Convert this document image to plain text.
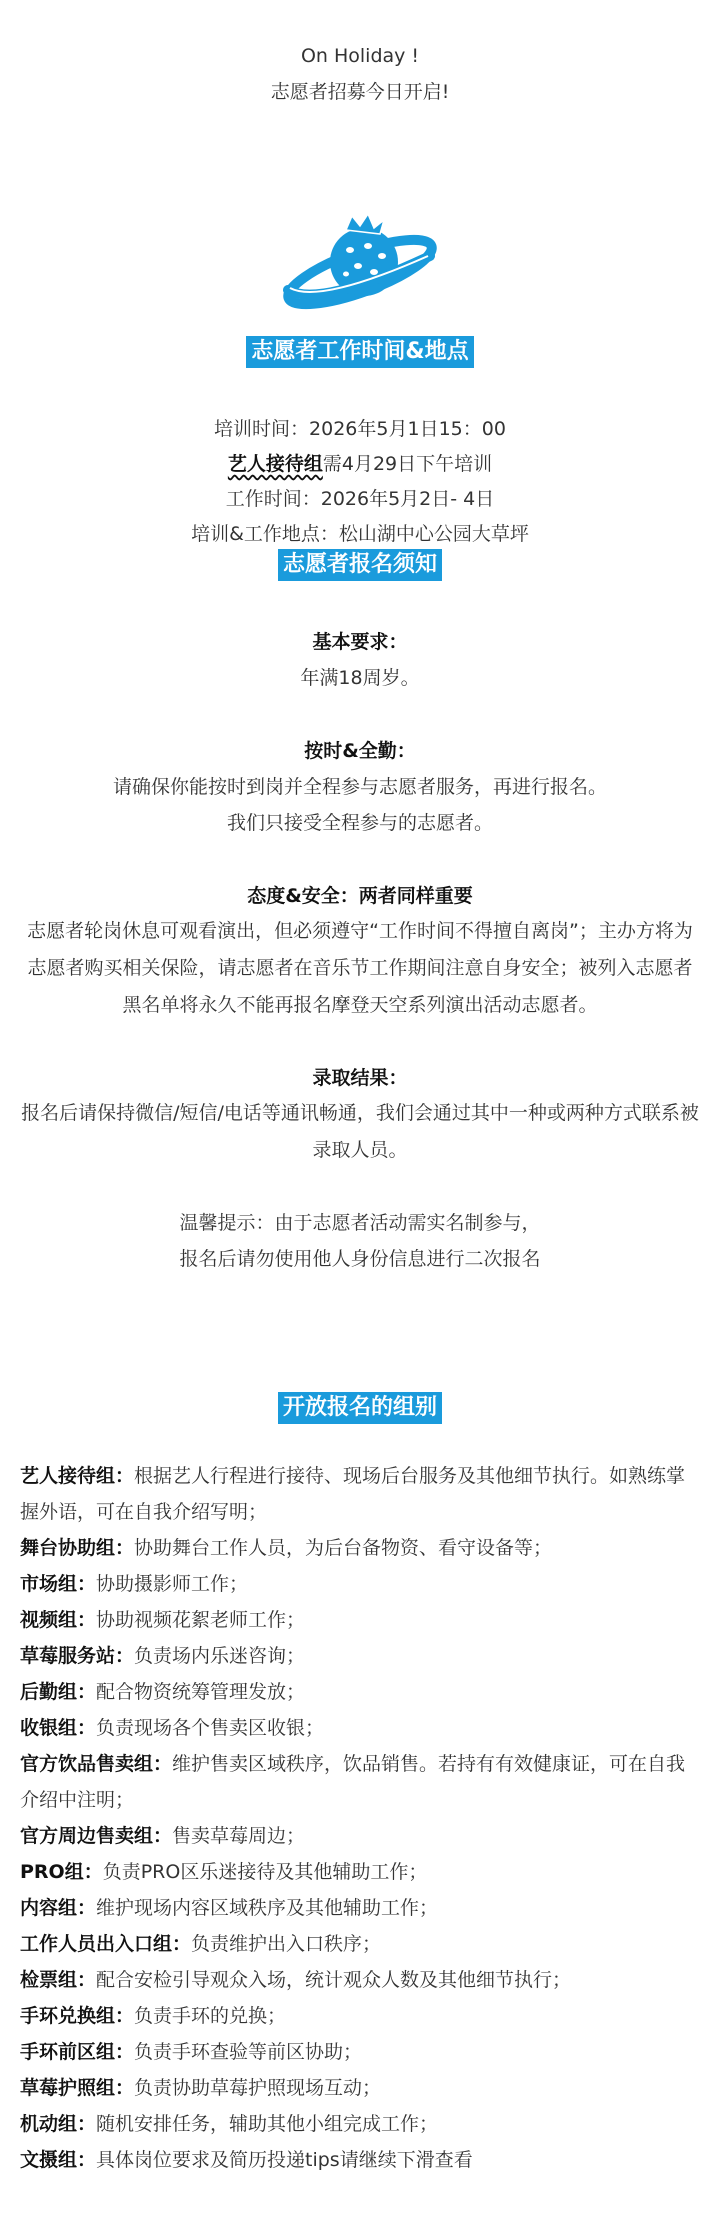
On Holiday !
志愿者招募今日开启!
志愿者工作时间&地点
培训时间：2026年5月1日15：00
艺人接待组需4月29日下午培训
工作时间：2026年5月2日- 4日
培训&工作地点：松山湖中心公园大草坪
志愿者报名须知
基本要求：
年满18周岁。
按时&全勤：
请确保你能按时到岗并全程参与志愿者服务，再进行报名。
我们只接受全程参与的志愿者。
态度&安全：两者同样重要
志愿者轮岗休息可观看演出，但必须遵守“工作时间不得擅自离岗”；主办方将为志愿者购买相关保险，请志愿者在音乐节工作期间注意自身安全；被列入志愿者黑名单将永久不能再报名摩登天空系列演出活动志愿者。
录取结果：
报名后请保持微信/短信/电话等通讯畅通，我们会通过其中一种或两种方式联系被录取人员。
温馨提示：由于志愿者活动需实名制参与，
报名后请勿使用他人身份信息进行二次报名
开放报名的组别

艺人接待组：根据艺人行程进行接待、现场后台服务及其他细节执行。如熟练掌握外语，可在自我介绍写明；

舞台协助组：协助舞台工作人员，为后台备物资、看守设备等；

市场组：协助摄影师工作；

视频组：协助视频花絮老师工作；

草莓服务站：负责场内乐迷咨询；

后勤组：配合物资统筹管理发放；

收银组：负责现场各个售卖区收银；

官方饮品售卖组：维护售卖区域秩序，饮品销售。若持有有效健康证，可在自我介绍中注明；

官方周边售卖组：售卖草莓周边；

PRO组：负责PRO区乐迷接待及其他辅助工作；

内容组：维护现场内容区域秩序及其他辅助工作；

工作人员出入口组：负责维护出入口秩序；

检票组：配合安检引导观众入场，统计观众人数及其他细节执行；

手环兑换组：负责手环的兑换；

手环前区组：负责手环查验等前区协助；

草莓护照组：负责协助草莓护照现场互动；

机动组：随机安排任务，辅助其他小组完成工作；

文摄组：具体岗位要求及简历投递tips请继续下滑查看
